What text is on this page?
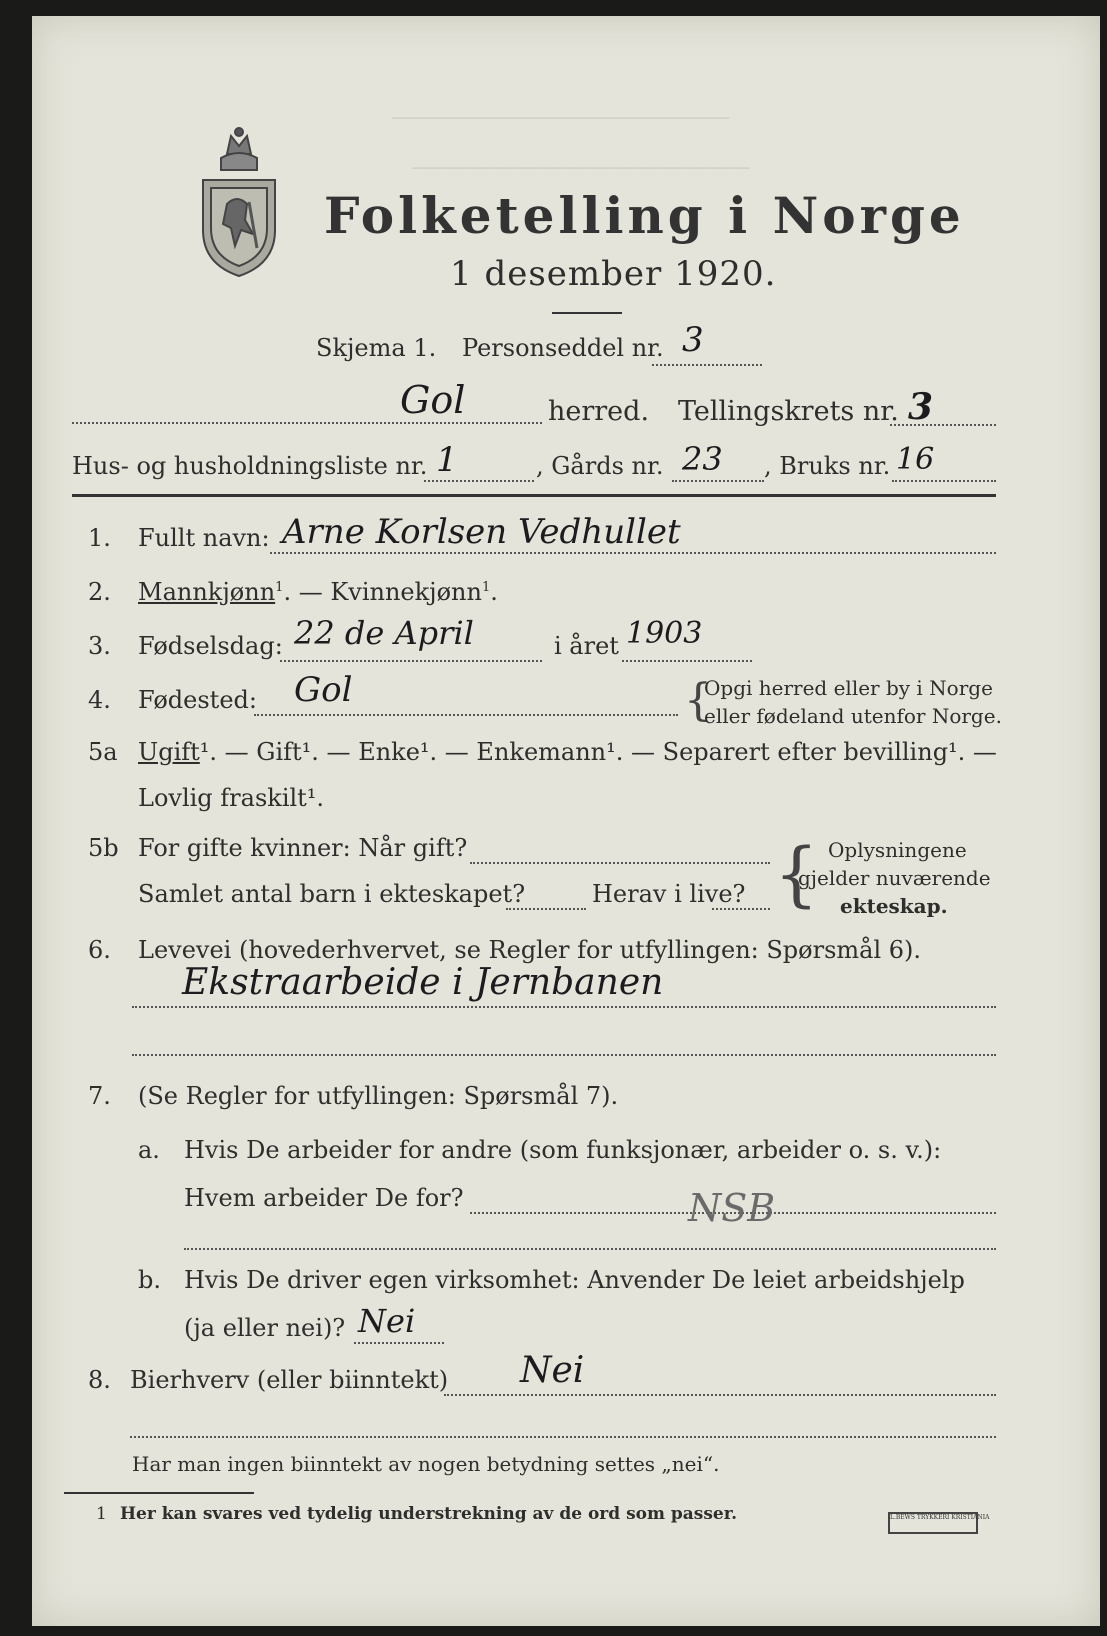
────────────────────────────
────────────────────────────
Folketelling i Norge
1 desember 1920.
Skjema 1. Personseddel nr. 3
Gol	herred. Tellingskrets nr. 3
Hus- og husholdningsliste nr. 1	, Gårds nr. 23 , Bruks nr. 16
1. Fullt navn: Arne Korlsen Vedhullet
2. Mannkjønn$^1$. — Kvinnekjønn$^1$.
3. Fødselsdag: 22 de April	i året 1903
4. Fødested: Gol	{
Opgi herred eller by i Norge
eller fødeland utenfor Norge.
5a Ugift¹. — Gift¹. — Enke¹. — Enkemann¹. — Separert efter bevilling¹. —
Lovlig fraskilt¹.
5b For gifte kvinner: Når gift?
Samlet antal barn i ekteskapet?	Herav i live? { Oplysningene
gjelder nuværende
ekteskap.
6. Levevei (hovederhvervet, se Regler for utfyllingen: Spørsmål 6).
Ekstraarbeide i Jernbanen
7. (Se Regler for utfyllingen: Spørsmål 7).
a. Hvis De arbeider for andre (som funksjonær, arbeider o. s. v.):
Hvem arbeider De for?	NSB
b. Hvis De driver egen virksomhet: Anvender De leiet arbeidshjelp
(ja eller nei)? Nei
8. Bierhverv (eller biinntekt) Nei
Har man ingen biinntekt av nogen betydning settes „nei“.
1 Her kan svares ved tydelig understrekning av de ord som passer.	L.BEWS TRYKKERI KRISTIANIA
